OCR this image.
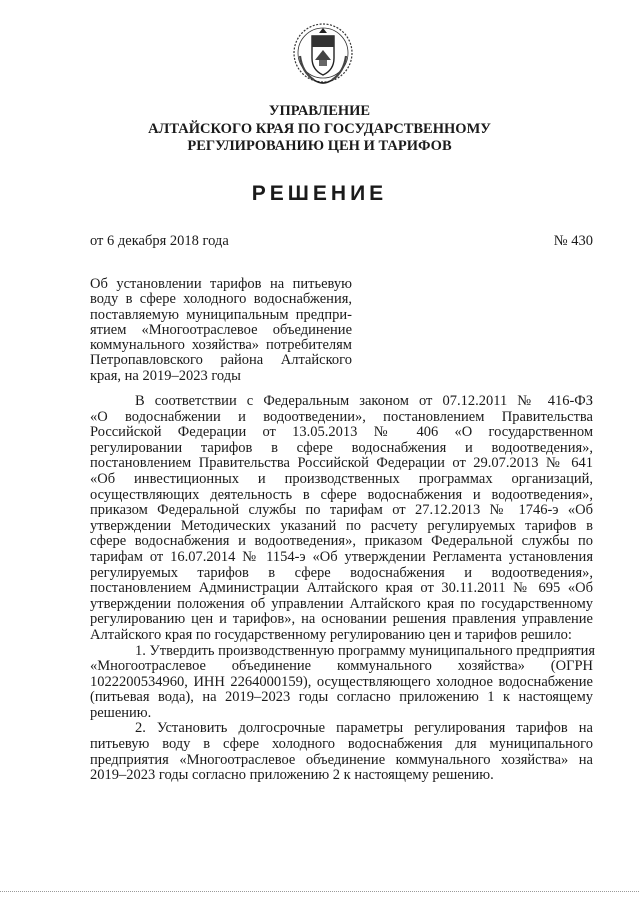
УПРАВЛЕНИЕ
АЛТАЙСКОГО КРАЯ ПО ГОСУДАРСТВЕННОМУ
РЕГУЛИРОВАНИЮ ЦЕН И ТАРИФОВ
РЕШЕНИЕ
от 6 декабря 2018 года	№ 430
Об установлении тарифов на питьевую
воду в сфере холодного водоснабжения,
поставляемую муниципальным предпри-
ятием «Многоотраслевое объединение
коммунального хозяйства» потребителям
Петропавловского района Алтайского
края, на 2019–2023 годы

В соответствии с Федеральным законом от 07.12.2011 № 416-ФЗ
«О водоснабжении и водоотведении», постановлением Правительства
Российской Федерации от 13.05.2013 № 406 «О государственном
регулировании тарифов в сфере водоснабжения и водоотведения»,
постановлением Правительства Российской Федерации от 29.07.2013 № 641
«Об инвестиционных и производственных программах организаций,
осуществляющих деятельность в сфере водоснабжения и водоотведения»,
приказом Федеральной службы по тарифам от 27.12.2013 № 1746-э «Об
утверждении Методических указаний по расчету регулируемых тарифов в
сфере водоснабжения и водоотведения», приказом Федеральной службы по
тарифам от 16.07.2014 № 1154-э «Об утверждении Регламента установления
регулируемых тарифов в сфере водоснабжения и водоотведения»,
постановлением Администрации Алтайского края от 30.11.2011 № 695 «Об
утверждении положения об управлении Алтайского края по государственному
регулированию цен и тарифов», на основании решения правления управление
Алтайского края по государственному регулированию цен и тарифов решило:

1. Утвердить производственную программу муниципального предприятия
«Многоотраслевое объединение коммунального хозяйства» (ОГРН
1022200534960, ИНН 2264000159), осуществляющего холодное водоснабжение
(питьевая вода), на 2019–2023 годы согласно приложению 1 к настоящему
решению.

2. Установить долгосрочные параметры регулирования тарифов на
питьевую воду в сфере холодного водоснабжения для муниципального
предприятия «Многоотраслевое объединение коммунального хозяйства» на
2019–2023 годы согласно приложению 2 к настоящему решению.
